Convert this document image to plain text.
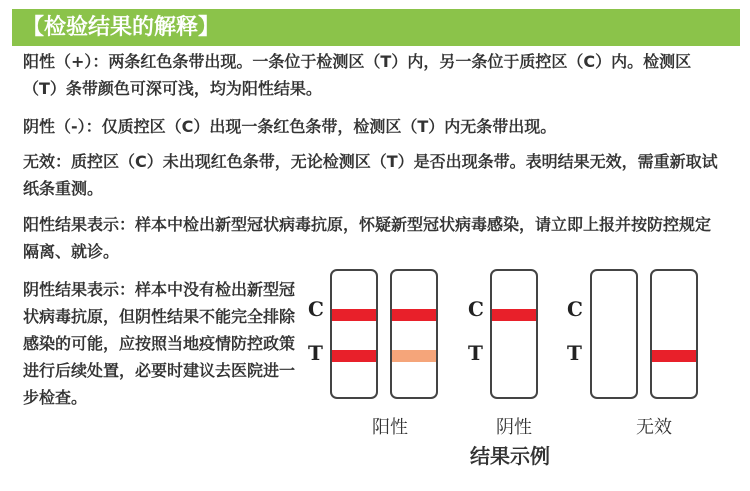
【检验结果的解释】
阳性（+）：两条红色条带出现。一条位于检测区（T）内，另一条位于质控区（C）内。检测区（T）条带颜色可深可浅，均为阳性结果。
阴性（-）：仅质控区（C）出现一条红色条带，检测区（T）内无条带出现。
无效：质控区（C）未出现红色条带，无论检测区（T）是否出现条带。表明结果无效，需重新取试纸条重测。
阳性结果表示：样本中检出新型冠状病毒抗原，怀疑新型冠状病毒感染，请立即上报并按防控规定隔离、就诊。
阴性结果表示：样本中没有检出新型冠状病毒抗原，但阴性结果不能完全排除感染的可能，应按照当地疫情防控政策进行后续处置，必要时建议去医院进一步检查。
C
T
阳性
C
T
阴性
C
T
无效
结果示例
